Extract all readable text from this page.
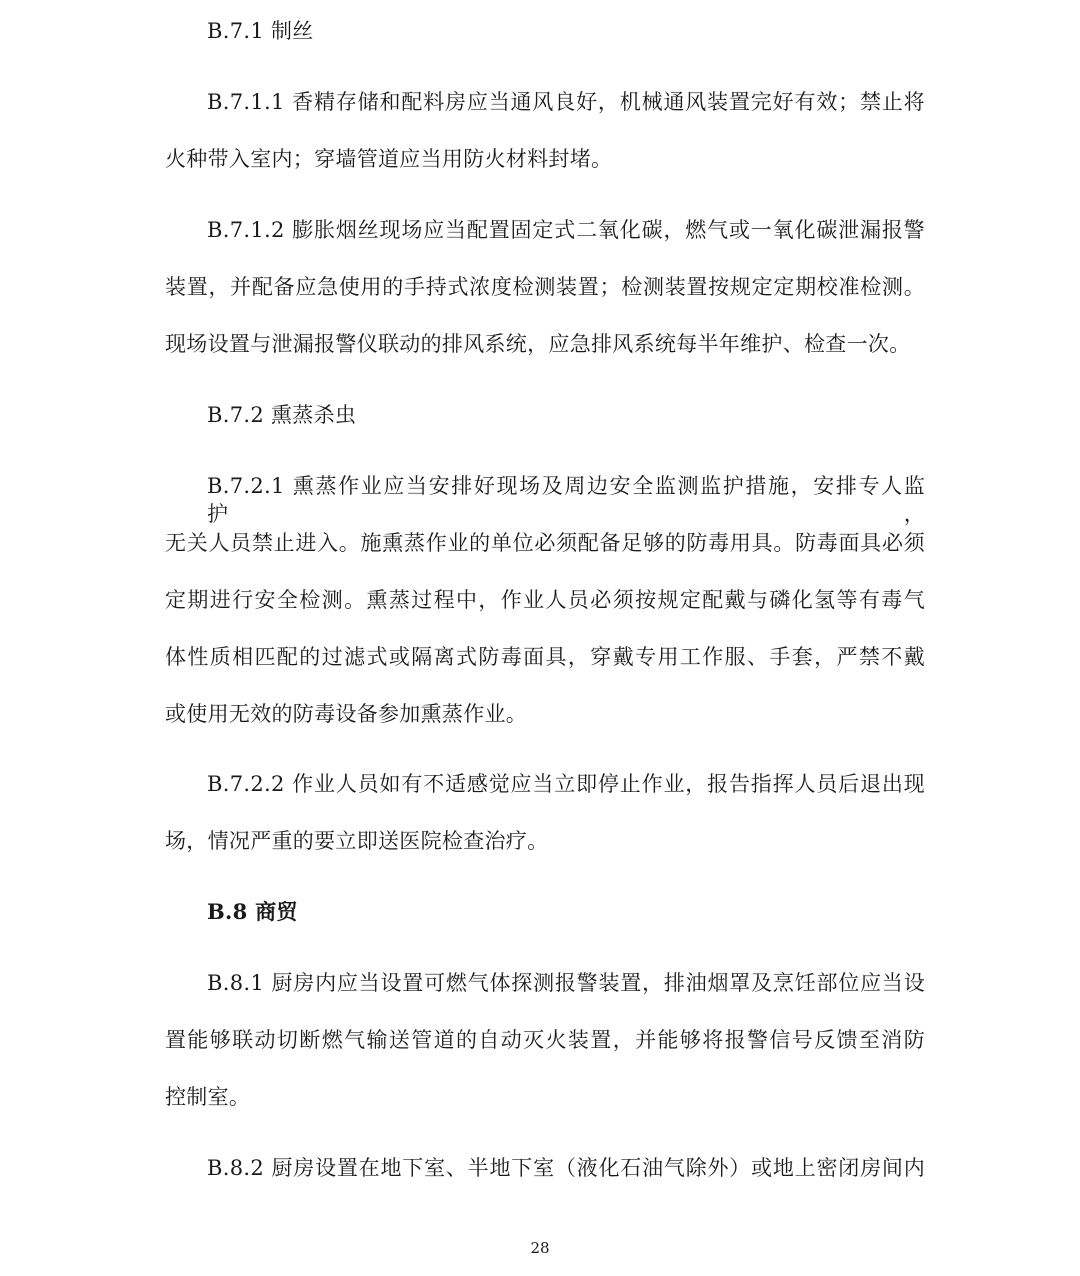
B.7.1 制丝
B.7.1.1 香精存储和配料房应当通风良好，机械通风装置完好有效；禁止将
火种带入室内；穿墙管道应当用防火材料封堵。
B.7.1.2 膨胀烟丝现场应当配置固定式二氧化碳，燃气或一氧化碳泄漏报警
装置，并配备应急使用的手持式浓度检测装置；检测装置按规定定期校准检测。
现场设置与泄漏报警仪联动的排风系统，应急排风系统每半年维护、检查一次。
B.7.2 熏蒸杀虫
B.7.2.1 熏蒸作业应当安排好现场及周边安全监测监护措施，安排专人监护，
无关人员禁止进入。施熏蒸作业的单位必须配备足够的防毒用具。防毒面具必须
定期进行安全检测。熏蒸过程中，作业人员必须按规定配戴与磷化氢等有毒气
体性质相匹配的过滤式或隔离式防毒面具，穿戴专用工作服、手套，严禁不戴
或使用无效的防毒设备参加熏蒸作业。
B.7.2.2 作业人员如有不适感觉应当立即停止作业，报告指挥人员后退出现
场，情况严重的要立即送医院检查治疗。
B.8 商贸
B.8.1 厨房内应当设置可燃气体探测报警装置，排油烟罩及烹饪部位应当设
置能够联动切断燃气输送管道的自动灭火装置，并能够将报警信号反馈至消防
控制室。
B.8.2 厨房设置在地下室、半地下室（液化石油气除外）或地上密闭房间内
28
